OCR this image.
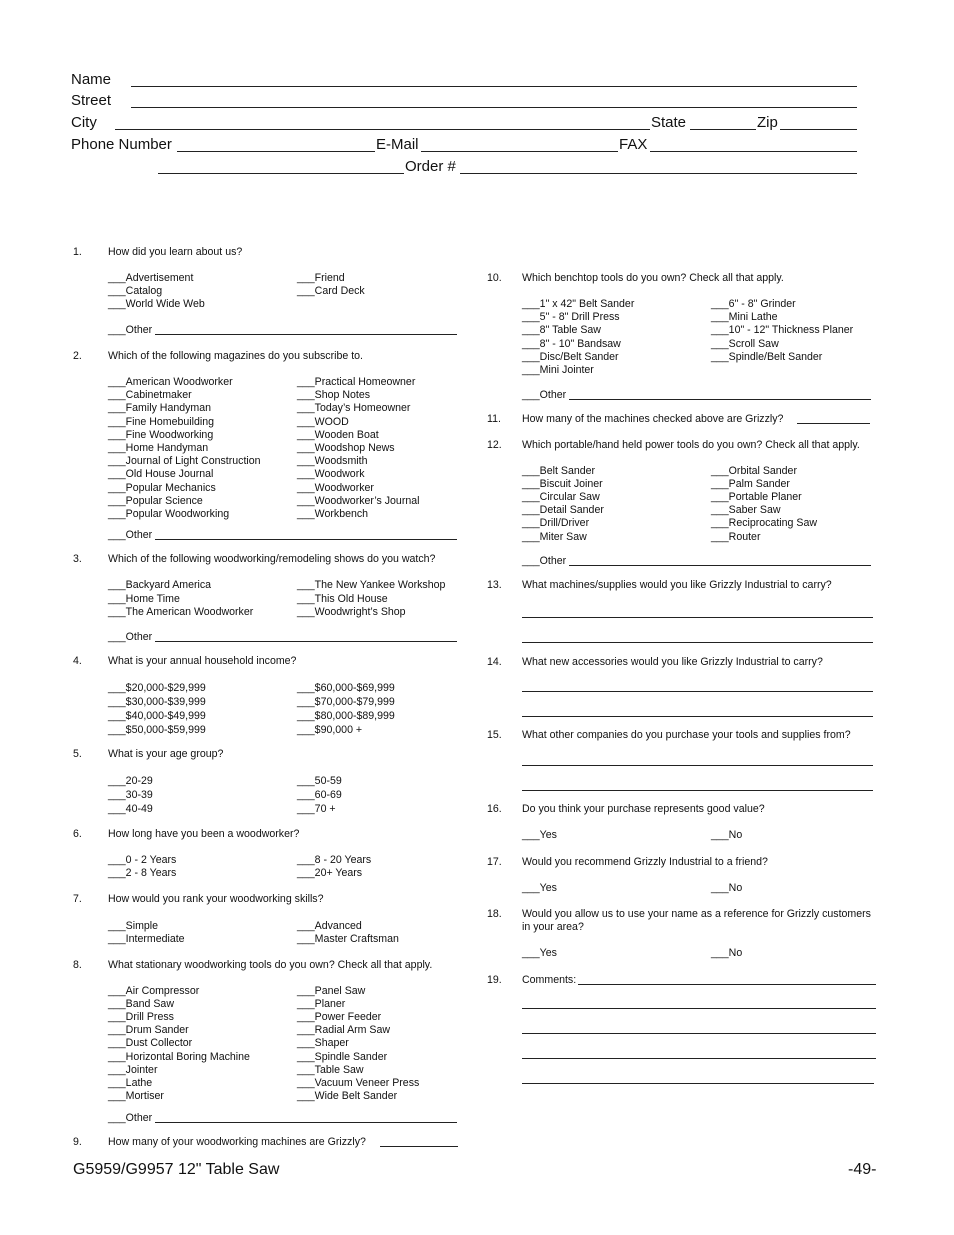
Name
Street
City	State	Zip
Phone Number	E-Mail	FAX
Order #
1.	How did you learn about us?
___Advertisement
___Catalog
___World Wide Web
___Friend
___Card Deck
___Other
2.	Which of the following magazines do you subscribe to.
___American Woodworker
___Cabinetmaker
___Family Handyman
___Fine Homebuilding
___Fine Woodworking
___Home Handyman
___Journal of Light Construction
___Old House Journal
___Popular Mechanics
___Popular Science
___Popular Woodworking
___Practical Homeowner
___Shop Notes
___Today’s Homeowner
___WOOD
___Wooden Boat
___Woodshop News
___Woodsmith
___Woodwork
___Woodworker
___Woodworker’s Journal
___Workbench
___Other
3.	Which of the following woodworking/remodeling shows do you watch?
___Backyard America
___Home Time
___The American Woodworker
___The New Yankee Workshop
___This Old House
___Woodwright’s Shop
___Other
4.	What is your annual household income?
___$20,000-$29,999
___$30,000-$39,999
___$40,000-$49,999
___$50,000-$59,999
___$60,000-$69,999
___$70,000-$79,999
___$80,000-$89,999
___$90,000 +
5.	What is your age group?
___20-29
___30-39
___40-49
___50-59
___60-69
___70 +
6.	How long have you been a woodworker?
___0 - 2 Years
___2 - 8 Years
___8 - 20 Years
___20+ Years
7.	How would you rank your woodworking skills?
___Simple
___Intermediate
___Advanced
___Master Craftsman
8.	What stationary woodworking tools do you own? Check all that apply.
___Air Compressor
___Band Saw
___Drill Press
___Drum Sander
___Dust Collector
___Horizontal Boring Machine
___Jointer
___Lathe
___Mortiser
___Panel Saw
___Planer
___Power Feeder
___Radial Arm Saw
___Shaper
___Spindle Sander
___Table Saw
___Vacuum Veneer Press
___Wide Belt Sander
___Other
9.	How many of your woodworking machines are Grizzly?
10.	Which benchtop tools do you own? Check all that apply.
___1" x 42" Belt Sander
___5" - 8" Drill Press
___8" Table Saw
___8" - 10" Bandsaw
___Disc/Belt Sander
___Mini Jointer
___6" - 8" Grinder
___Mini Lathe
___10" - 12" Thickness Planer
___Scroll Saw
___Spindle/Belt Sander
___Other
11.	How many of the machines checked above are Grizzly?
12.	Which portable/hand held power tools do you own? Check all that apply.
___Belt Sander
___Biscuit Joiner
___Circular Saw
___Detail Sander
___Drill/Driver
___Miter Saw
___Orbital Sander
___Palm Sander
___Portable Planer
___Saber Saw
___Reciprocating Saw
___Router
___Other
13.	What machines/supplies would you like Grizzly Industrial to carry?
14.	What new accessories would you like Grizzly Industrial to carry?
15.	What other companies do you purchase your tools and supplies from?
16.	Do you think your purchase represents good value?
___Yes	___No
17.	Would you recommend Grizzly Industrial to a friend?
___Yes	___No
18.	Would you allow us to use your name as a reference for Grizzly customers
in your area?
___Yes	___No
19.	Comments:
G5959/G9957 12" Table Saw	-49-
